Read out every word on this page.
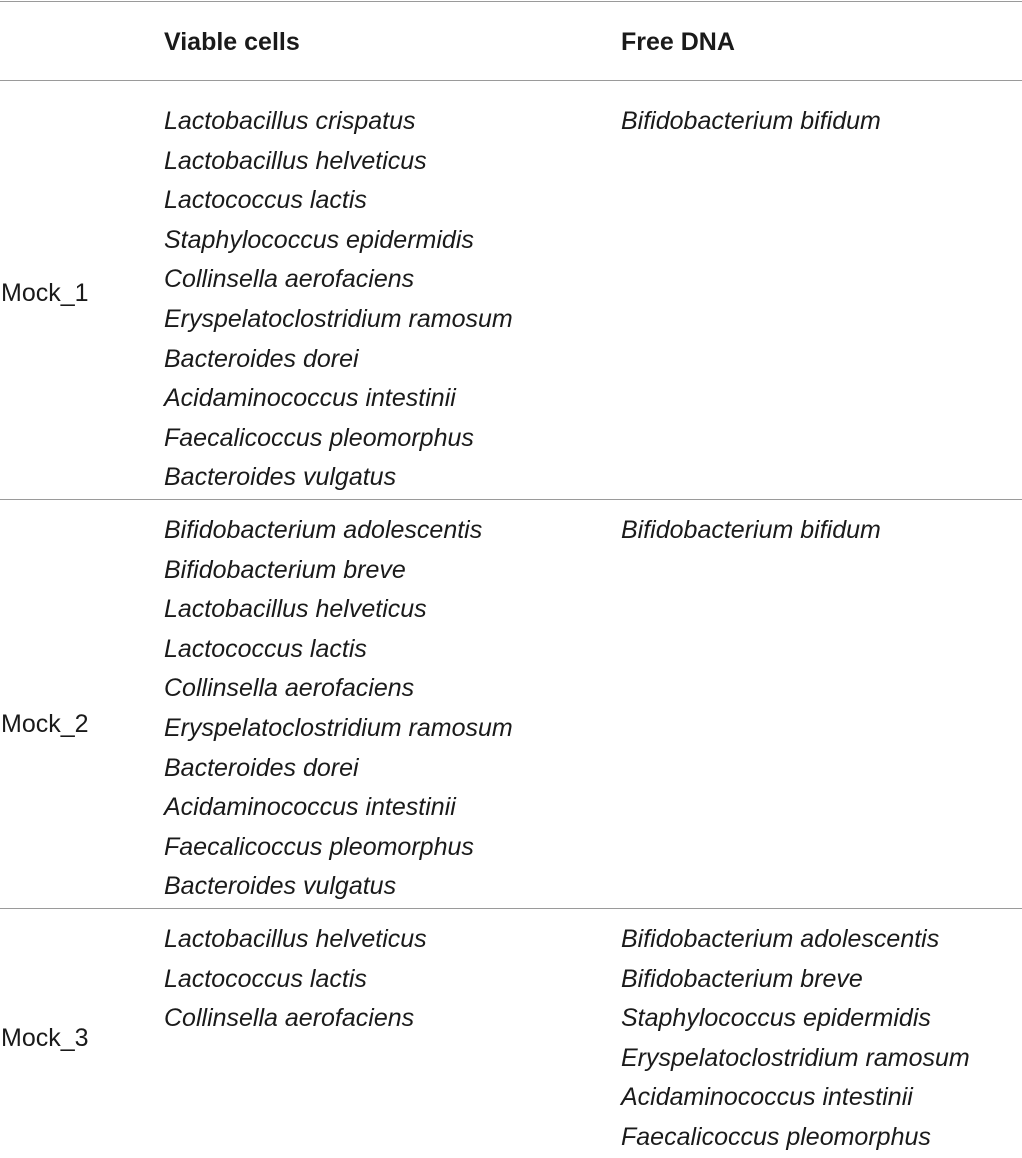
Viable cells	Free DNA
Mock_1
Lactobacillus crispatus
Lactobacillus helveticus
Lactococcus lactis
Staphylococcus epidermidis
Collinsella aerofaciens
Eryspelatoclostridium ramosum
Bacteroides dorei
Acidaminococcus intestinii
Faecalicoccus pleomorphus
Bacteroides vulgatus
Bifidobacterium bifidum
Mock_2
Bifidobacterium adolescentis
Bifidobacterium breve
Lactobacillus helveticus
Lactococcus lactis
Collinsella aerofaciens
Eryspelatoclostridium ramosum
Bacteroides dorei
Acidaminococcus intestinii
Faecalicoccus pleomorphus
Bacteroides vulgatus
Bifidobacterium bifidum
Mock_3
Lactobacillus helveticus
Lactococcus lactis
Collinsella aerofaciens
Bifidobacterium adolescentis
Bifidobacterium breve
Staphylococcus epidermidis
Eryspelatoclostridium ramosum
Acidaminococcus intestinii
Faecalicoccus pleomorphus
